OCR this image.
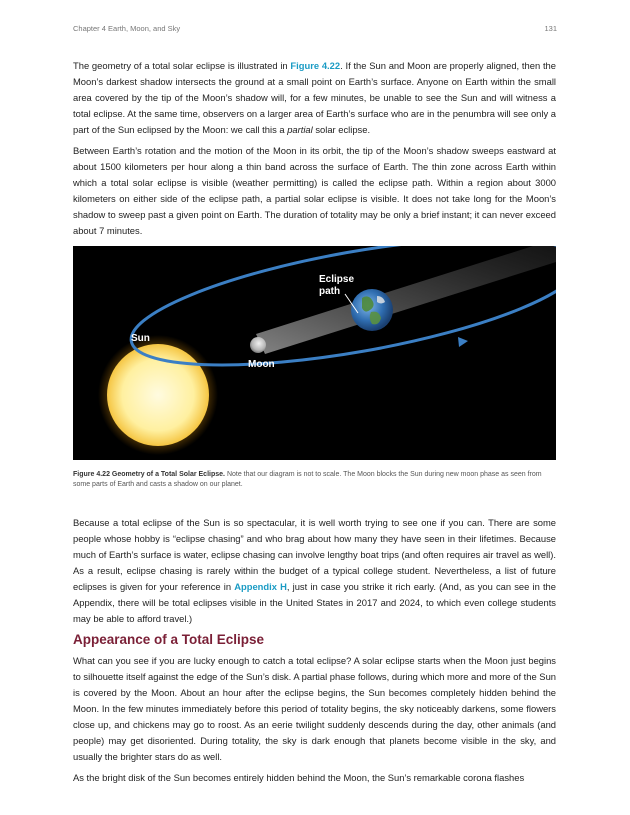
Chapter 4 Earth, Moon, and Sky	131

The geometry of a total solar eclipse is illustrated in Figure 4.22. If the Sun and Moon are properly aligned, then the Moon’s darkest shadow intersects the ground at a small point on Earth’s surface. Anyone on Earth within the small area covered by the tip of the Moon’s shadow will, for a few minutes, be unable to see the Sun and will witness a total eclipse. At the same time, observers on a larger area of Earth’s surface who are in the penumbra will see only a part of the Sun eclipsed by the Moon: we call this a partial solar eclipse.

Between Earth’s rotation and the motion of the Moon in its orbit, the tip of the Moon’s shadow sweeps eastward at about 1500 kilometers per hour along a thin band across the surface of Earth. The thin zone across Earth within which a total solar eclipse is visible (weather permitting) is called the eclipse path. Within a region about 3000 kilometers on either side of the eclipse path, a partial solar eclipse is visible. It does not take long for the Moon’s shadow to sweep past a given point on Earth. The duration of totality may be only a brief instant; it can never exceed about 7 minutes.

Sun
Moon
Eclipse
path
Figure 4.22 Geometry of a Total Solar Eclipse. Note that our diagram is not to scale. The Moon blocks the Sun during new moon phase as seen from some parts of Earth and casts a shadow on our planet.

Because a total eclipse of the Sun is so spectacular, it is well worth trying to see one if you can. There are some people whose hobby is “eclipse chasing” and who brag about how many they have seen in their lifetimes. Because much of Earth’s surface is water, eclipse chasing can involve lengthy boat trips (and often requires air travel as well). As a result, eclipse chasing is rarely within the budget of a typical college student. Nevertheless, a list of future eclipses is given for your reference in Appendix H, just in case you strike it rich early. (And, as you can see in the Appendix, there will be total eclipses visible in the United States in 2017 and 2024, to which even college students may be able to afford travel.)

Appearance of a Total Eclipse

What can you see if you are lucky enough to catch a total eclipse? A solar eclipse starts when the Moon just begins to silhouette itself against the edge of the Sun’s disk. A partial phase follows, during which more and more of the Sun is covered by the Moon. About an hour after the eclipse begins, the Sun becomes completely hidden behind the Moon. In the few minutes immediately before this period of totality begins, the sky noticeably darkens, some flowers close up, and chickens may go to roost. As an eerie twilight suddenly descends during the day, other animals (and people) may get disoriented. During totality, the sky is dark enough that planets become visible in the sky, and usually the brighter stars do as well.

As the bright disk of the Sun becomes entirely hidden behind the Moon, the Sun’s remarkable corona flashes
